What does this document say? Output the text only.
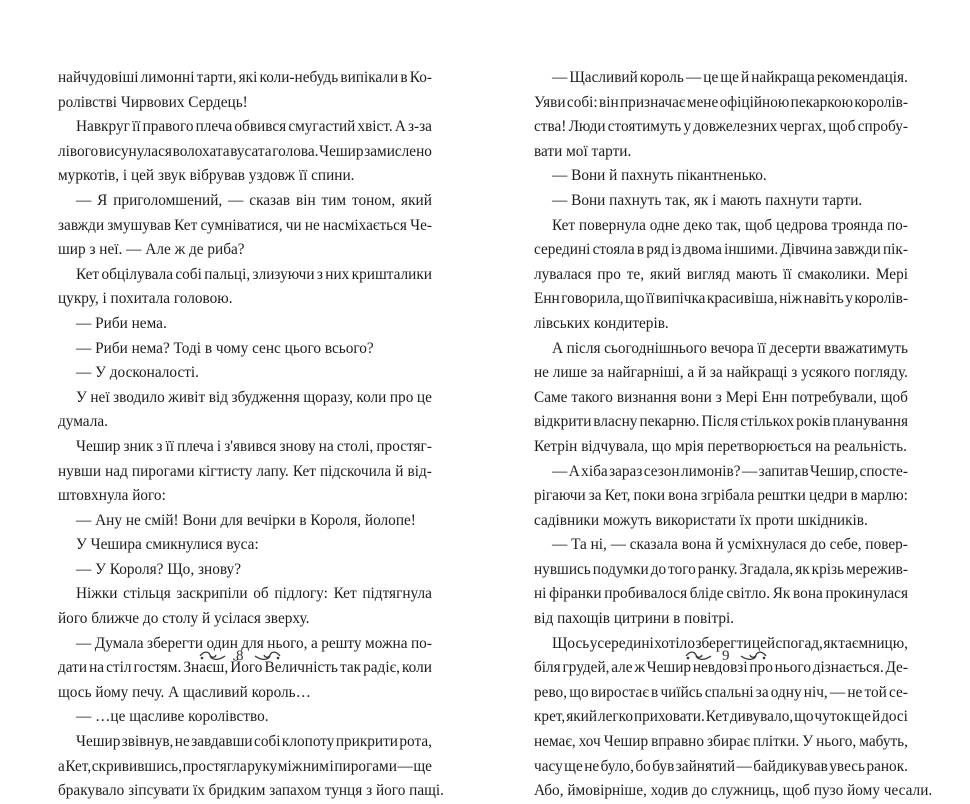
найчудовіші лимонні тарти, які коли-небудь випікали в Ко-
ролівстві Чирвових Сердець!
Навкруг її правого плеча обвився смугастий хвіст. А з-за
лівого висунулася волохата вусата голова. Чешир замислено
муркотів, і цей звук вібрував уздовж її спини.
— Я приголомшений, — сказав він тим тоном, який
завжди змушував Кет сумніватися, чи не насміхається Че-
шир з неї. — Але ж де риба?
Кет обцілувала собі пальці, злизуючи з них кришталики
цукру, і похитала головою.
— Риби нема.
— Риби нема? Тоді в чому сенс цього всього?
— У досконалості.
У неї зводило живіт від збудження щоразу, коли про це
думала.
Чешир зник з її плеча і з'явився знову на столі, простяг-
нувши над пирогами кігтисту лапу. Кет підскочила й від-
штовхнула його:
— Ану не смій! Вони для вечірки в Короля, йолопе!
У Чешира смикнулися вуса:
— У Короля? Що, знову?
Ніжки стільця заскрипіли об підлогу: Кет підтягнула
його ближче до столу й усілася зверху.
— Думала зберегти один для нього, а решту можна по-
дати на стіл гостям. Знаєш, Його Величність так радіє, коли
щось йому печу. А щасливий король…
— …це щасливе королівство.
Чешир звівнув, не завдавши собі клопоту прикрити рота,
а Кет, скривившись, простягла руку між ним і пирогами — ще
бракувало зіпсувати їх бридким запахом тунця з його пащі.
— Щасливий король — це ще й найкраща рекомендація.
Уяви собі: він призначає мене офіційною пекаркою королів-
ства! Люди стоятимуть у довжелезних чергах, щоб спробу-
вати мої тарти.
— Вони й пахнуть пікантненько.
— Вони пахнуть так, як і мають пахнути тарти.
Кет повернула одне деко так, щоб цедрова троянда по-
середині стояла в ряд із двома іншими. Дівчина завжди пік-
лувалася про те, який вигляд мають її смаколики. Мері
Енн говорила, що її випічка красивіша, ніж навіть у королів-
лівських кондитерів.
А після сьогоднішнього вечора її десерти вважатимуть
не лише за найгарніші, а й за найкращі з усякого погляду.
Саме такого визнання вони з Мері Енн потребували, щоб
відкрити власну пекарню. Після стількох років планування
Кетрін відчувала, що мрія перетворюється на реальність.
— А хіба зараз сезон лимонів? — запитав Чешир, спосте-
рігаючи за Кет, поки вона згрібала рештки цедри в марлю:
садівники можуть використати їх проти шкідників.
— Та ні, — сказала вона й усміхнулася до себе, повер-
нувшись подумки до того ранку. Згадала, як крізь мережив-
ні фіранки пробивалося бліде світло. Як вона прокинулася
від пахощів цитрини в повітрі.
Щось усередині хотіло зберегти цей спогад, як таємницю,
біля грудей, але ж Чешир невдовзі про нього дізнається. Де-
рево, що виростає в чиїйсь спальні за одну ніч, — не той се-
крет, який легко приховати. Кет дивувало, що чуток ще й досі
немає, хоч Чешир вправно збирає плітки. У нього, мабуть,
часу ще не було, бо був зайнятий — байдикував увесь ранок.
Або, ймовірніше, ходив до служниць, щоб пузо йому чесали.
8	9
